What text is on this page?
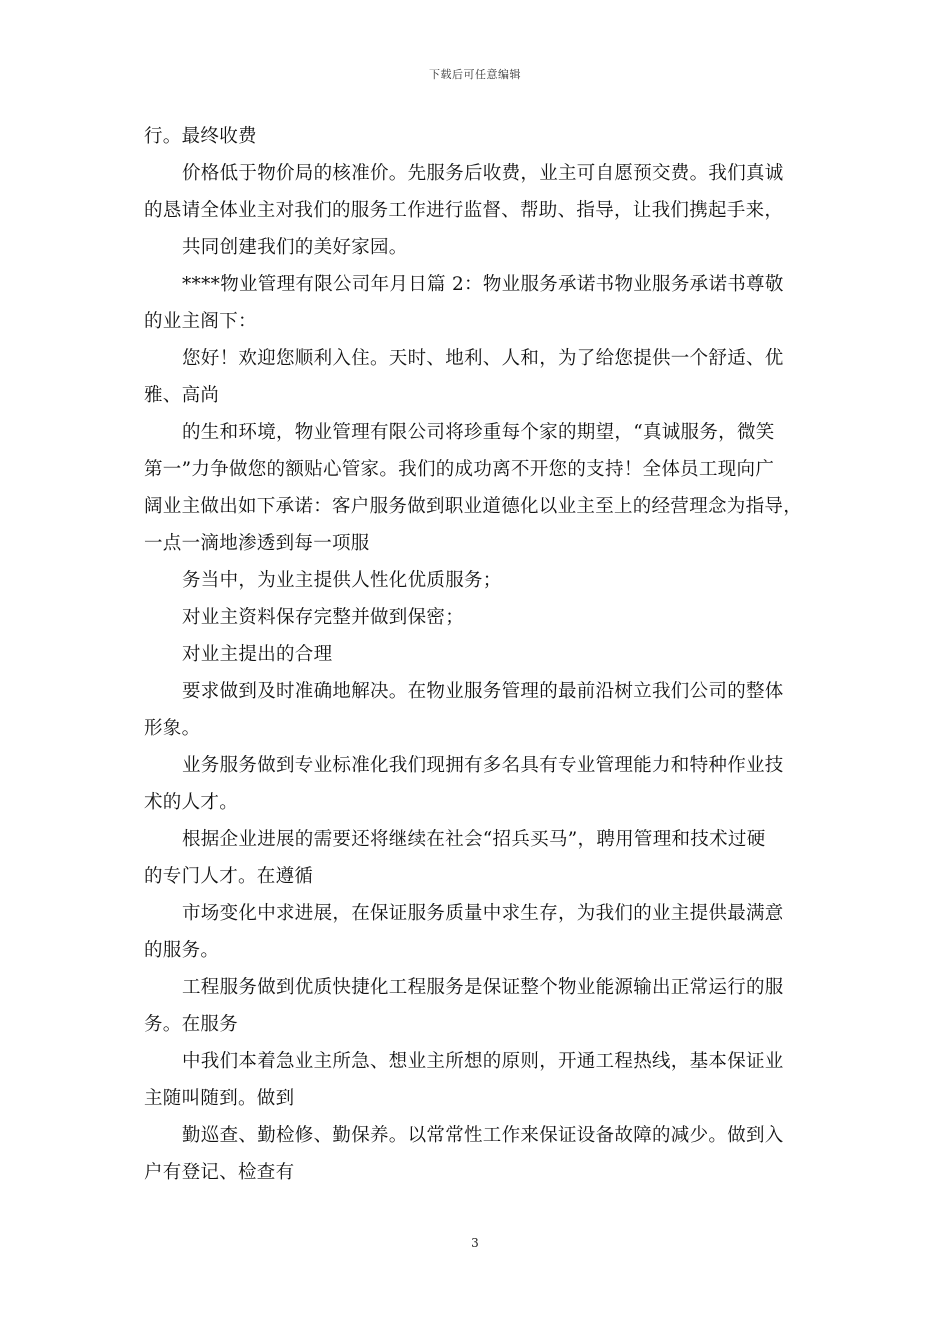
下载后可任意编辑
行。最终收费
价格低于物价局的核准价。先服务后收费，业主可自愿预交费。我们真诚
的恳请全体业主对我们的服务工作进行监督、帮助、指导，让我们携起手来，
共同创建我们的美好家园。
****物业管理有限公司年月日篇 2：物业服务承诺书物业服务承诺书尊敬
的业主阁下：
您好！欢迎您顺利入住。天时、地利、人和，为了给您提供一个舒适、优
雅、高尚
的生和环境，物业管理有限公司将珍重每个家的期望，“真诚服务，微笑
第一”力争做您的额贴心管家。我们的成功离不开您的支持！全体员工现向广
阔业主做出如下承诺：客户服务做到职业道德化以业主至上的经营理念为指导，
一点一滴地渗透到每一项服
务当中，为业主提供人性化优质服务；
对业主资料保存完整并做到保密；
对业主提出的合理
要求做到及时准确地解决。在物业服务管理的最前沿树立我们公司的整体
形象。
业务服务做到专业标准化我们现拥有多名具有专业管理能力和特种作业技
术的人才。
根据企业进展的需要还将继续在社会“招兵买马”，聘用管理和技术过硬
的专门人才。在遵循
市场变化中求进展，在保证服务质量中求生存，为我们的业主提供最满意
的服务。
工程服务做到优质快捷化工程服务是保证整个物业能源输出正常运行的服
务。在服务
中我们本着急业主所急、想业主所想的原则，开通工程热线，基本保证业
主随叫随到。做到
勤巡查、勤检修、勤保养。以常常性工作来保证设备故障的减少。做到入
户有登记、检查有
3
